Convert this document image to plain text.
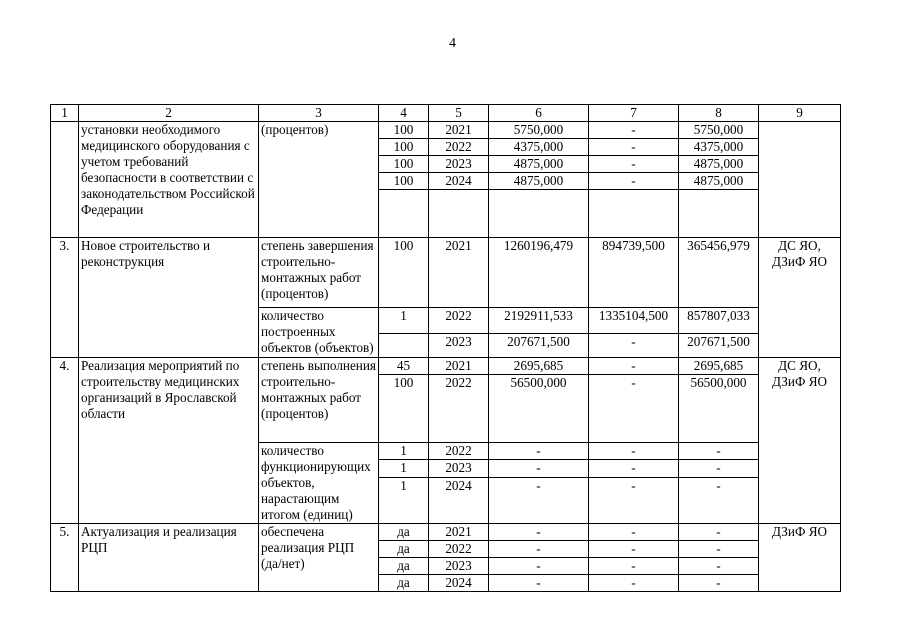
4
1	2	3	4	5	6	7	8	9
	установки необходимого медицинского оборудования с учетом требований безопасности в соответствии с законодательством Российской Федерации	(процентов)	100	2021	5750,000	-	5750,000	
			100	2022	4375,000	-	4375,000	
			100	2023	4875,000	-	4875,000	
			100	2024	4875,000	-	4875,000	

3.	Новое строительство и реконструкция	степень завершения строительно-монтажных работ (процентов)	100	2021	1260196,479	894739,500	365456,979	ДС ЯО, ДЗиФ ЯО
		количество построенных объектов (объектов)	1	2022	2192911,533	1335104,500	857807,033	
				2023	207671,500	-	207671,500	
4.	Реализация мероприятий по строительству медицинских организаций в Ярославской области	степень выполнения строительно-монтажных работ (процентов)	45	2021	2695,685	-	2695,685	ДС ЯО, ДЗиФ ЯО
			100	2022	56500,000	-	56500,000	
		количество функционирующих объектов, нарастающим итогом (единиц)	1	2022	-	-	-	
			1	2023	-	-	-	
			1	2024	-	-	-	
5.	Актуализация и реализация РЦП	обеспечена реализация РЦП (да/нет)	да	2021	-	-	-	ДЗиФ ЯО
			да	2022	-	-	-	
			да	2023	-	-	-	
			да	2024	-	-	-	
